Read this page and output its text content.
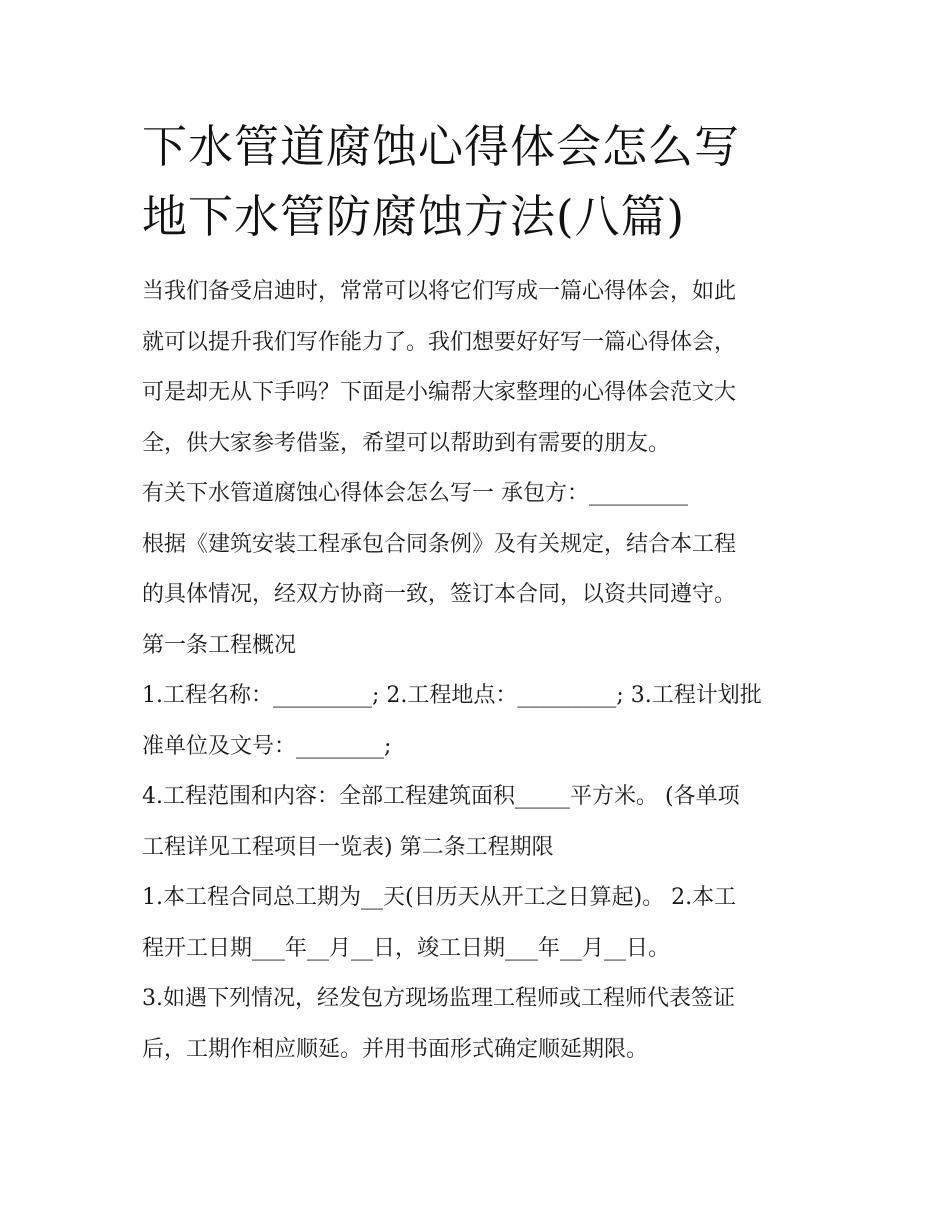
下水管道腐蚀心得体会怎么写
地下水管防腐蚀方法(八篇)

当我们备受启迪时，常常可以将它们写成一篇心得体会，如此
就可以提升我们写作能力了。我们想要好好写一篇心得体会，
可是却无从下手吗？下面是小编帮大家整理的心得体会范文大
全，供大家参考借鉴，希望可以帮助到有需要的朋友。

有关下水管道腐蚀心得体会怎么写一 承包方：_________

根据《建筑安装工程承包合同条例》及有关规定，结合本工程
的具体情况，经双方协商一致，签订本合同，以资共同遵守。

第一条工程概况

1.工程名称：_________; 2.工程地点：_________; 3.工程计划批
准单位及文号：________;

4.工程范围和内容：全部工程建筑面积_____平方米。 (各单项
工程详见工程项目一览表) 第二条工程期限

1.本工程合同总工期为__天(日历天从开工之日算起)。 2.本工
程开工日期___年__月__日，竣工日期___年__月__日。

3.如遇下列情况，经发包方现场监理工程师或工程师代表签证
后，工期作相应顺延。并用书面形式确定顺延期限。
